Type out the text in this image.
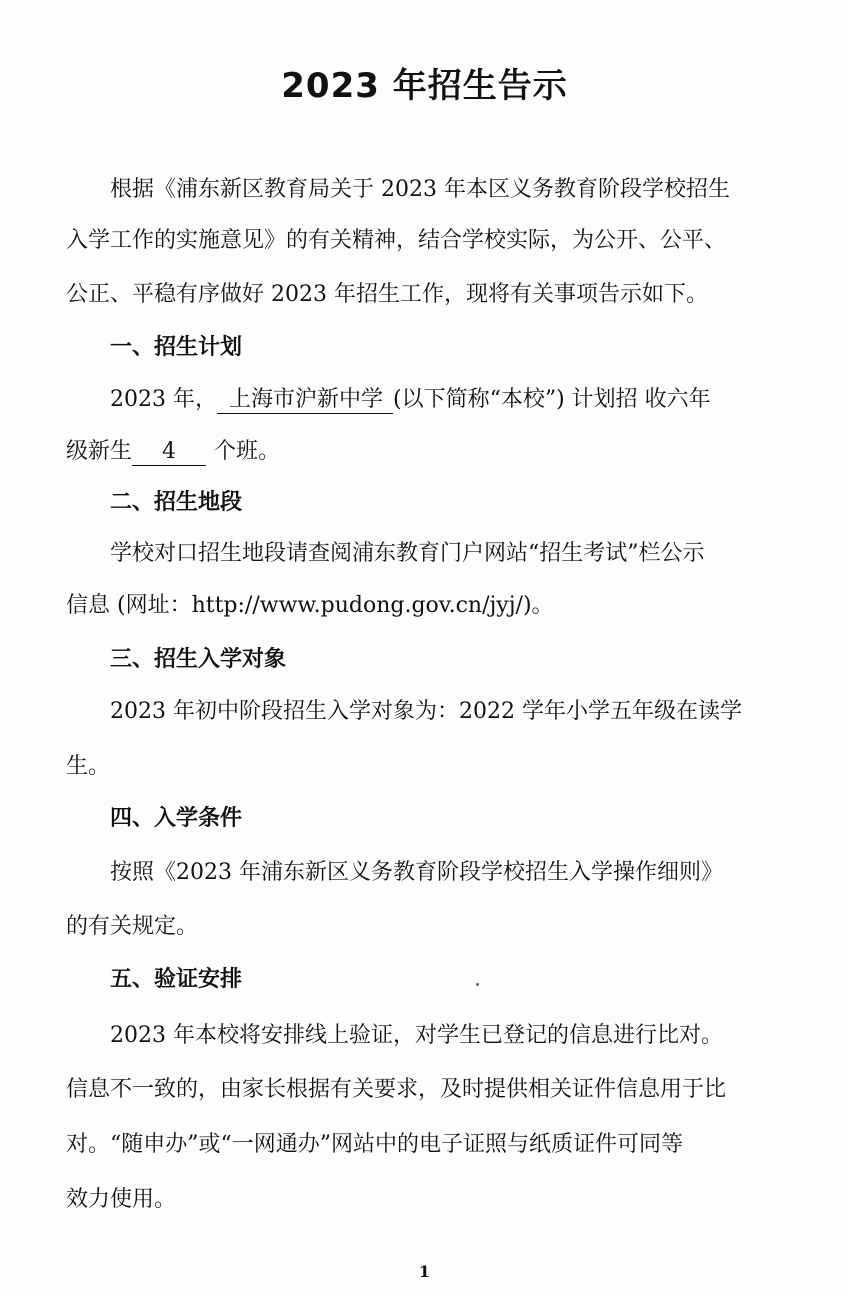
2023 年招生告示
根据《浦东新区教育局关于 2023 年本区义务教育阶段学校招生
入学工作的实施意见》的有关精神，结合学校实际，为公开、公平、
公正、平稳有序做好 2023 年招生工作，现将有关事项告示如下。
一、招生计划
2023 年， 上海市沪新中学 (以下简称“本校”) 计划招 收六年
级新生 4 个班。
二、招生地段
学校对口招生地段请查阅浦东教育门户网站“招生考试”栏公示
信息 (网址：http://www.pudong.gov.cn/jyj/)。
三、招生入学对象
2023 年初中阶段招生入学对象为：2022 学年小学五年级在读学
生。
四、入学条件
按照《2023 年浦东新区义务教育阶段学校招生入学操作细则》
的有关规定。
五、验证安排
2023 年本校将安排线上验证，对学生已登记的信息进行比对。
信息不一致的，由家长根据有关要求，及时提供相关证件信息用于比
对。“随申办”或“一网通办”网站中的电子证照与纸质证件可同等
效力使用。
1
